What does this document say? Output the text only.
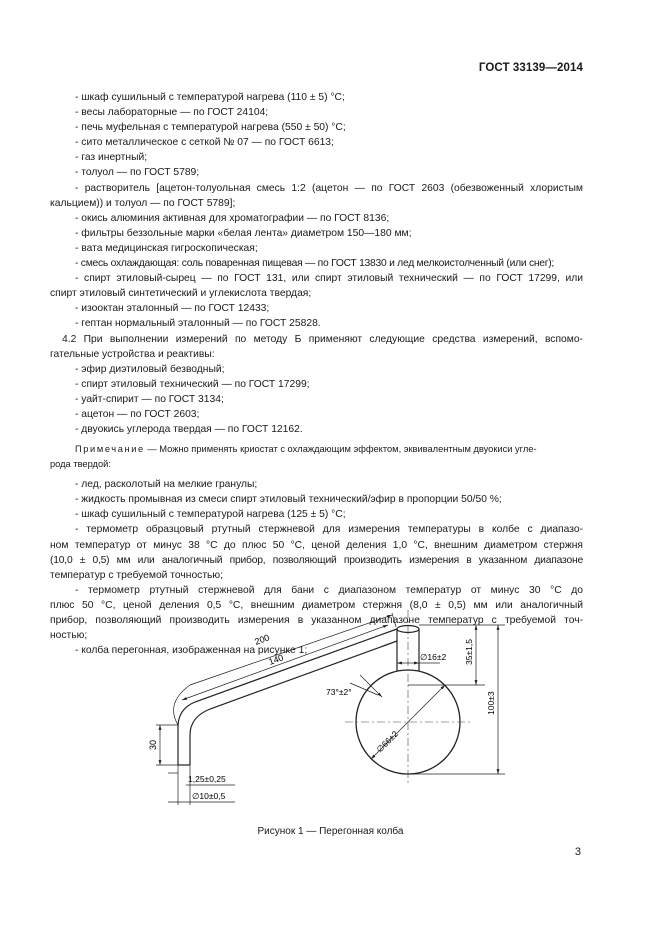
ГОСТ 33139—2014
- шкаф сушильный с температурой нагрева (110 ± 5) °С;
- весы лабораторные — по ГОСТ 24104;
- печь муфельная с температурой нагрева (550 ± 50) °С;
- сито металлическое с сеткой № 07 — по ГОСТ 6613;
- газ инертный;
- толуол — по ГОСТ 5789;
- растворитель [ацетон-толуольная смесь 1:2 (ацетон — по ГОСТ 2603 (обезвоженный хлористым
кальцием)) и толуол — по ГОСТ 5789];
- окись алюминия активная для хроматографии — по ГОСТ 8136;
- фильтры беззольные марки «белая лента» диаметром 150—180 мм;
- вата медицинская гигроскопическая;
- смесь охлаждающая: соль поваренная пищевая — по ГОСТ 13830 и лед мелкоистолченный (или снег);
- спирт этиловый-сырец — по ГОСТ 131, или спирт этиловый технический — по ГОСТ 17299, или
спирт этиловый синтетический и углекислота твердая;
- изооктан эталонный — по ГОСТ 12433;
- гептан нормальный эталонный — по ГОСТ 25828.
4.2 При выполнении измерений по методу Б применяют следующие средства измерений, вспомо-
гательные устройства и реактивы:
- эфир диэтиловый безводный;
- спирт этиловый технический — по ГОСТ 17299;
- уайт-спирит — по ГОСТ 3134;
- ацетон — по ГОСТ 2603;
- двуокись углерода твердая — по ГОСТ 12162.
Примечание — Можно применять криостат с охлаждающим эффектом, эквивалентным двуокиси угле-
рода твердой:
- лед, расколотый на мелкие гранулы;
- жидкость промывная из смеси спирт этиловый технический/эфир в пропорции 50/50 %;
- шкаф сушильный с температурой нагрева (125 ± 5) °С;
- термометр образцовый ртутный стержневой для измерения температуры в колбе с диапазо-
ном температур от минус 38 °С до плюс 50 °С, ценой деления 1,0 °С, внешним диаметром стержня
(10,0 ± 0,5) мм или аналогичный прибор, позволяющий производить измерения в указанном диапазоне
температур с требуемой точностью;
- термометр ртутный стержневой для бани с диапазоном температур от минус 30 °С до
плюс 50 °С, ценой деления 0,5 °С, внешним диаметром стержня (8,0 ± 0,5) мм или аналогичный
прибор, позволяющий производить измерения в указанном диапазоне температур с требуемой точ-
ностью;
- колба перегонная, изображенная на рисунке 1;
200
140
30
1,25±0,25
∅10±0,5
∅16±2
73°±2°
∅66±2
35±1,5
100±3
Рисунок 1 — Перегонная колба
3
